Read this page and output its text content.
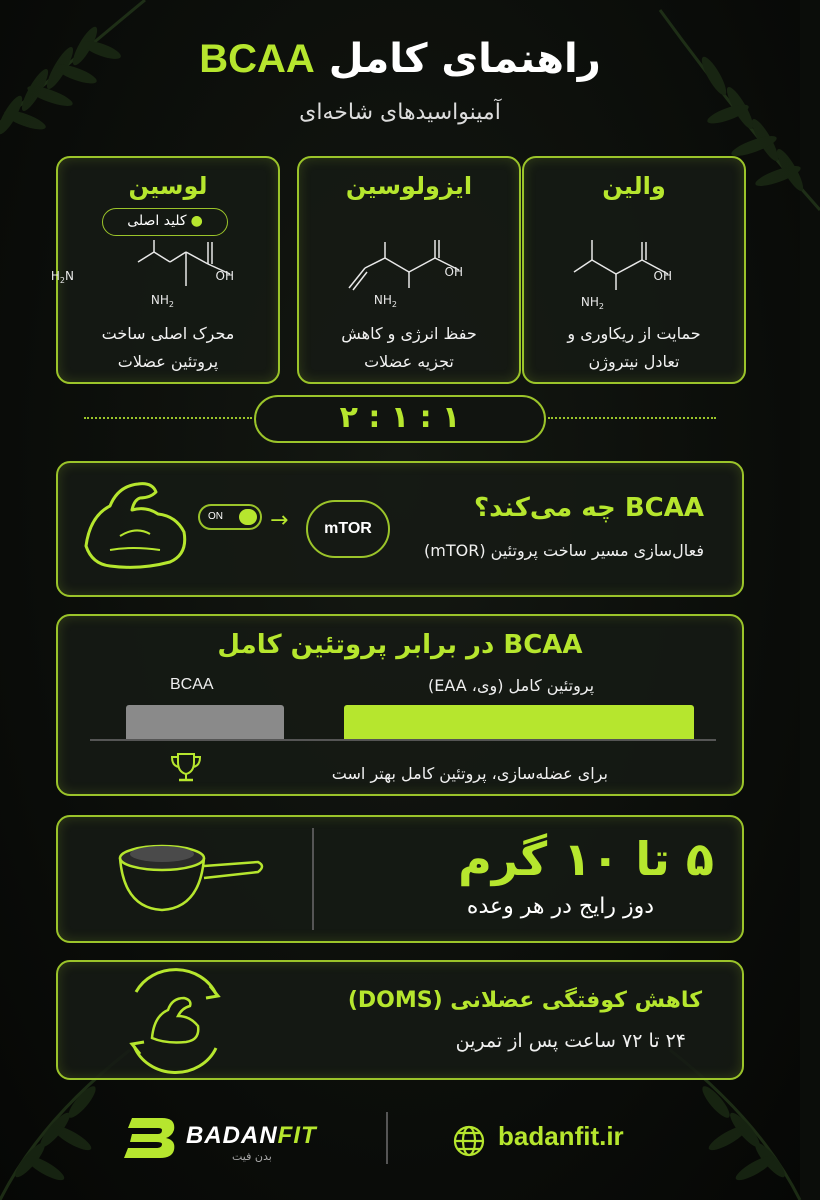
راهنمای کامل BCAA
آمینواسیدهای شاخه‌ای
والین
OH
$NH_2$
حمایت از ریکاوری و
تعادل نیتروژن
ایزولوسین
OH
$NH_2$
حفظ انرژی و کاهش
تجزیه عضلات
لوسین
●کلید اصلی
OH
$H_2N$
$NH_2$
محرک اصلی ساخت
پروتئین عضلات
۲ : ۱ : ۱
BCAA چه می‌کند؟
فعال‌سازی مسیر ساخت پروتئین (mTOR)
ON	→	mTOR
BCAA در برابر پروتئین کامل
برای عضله‌سازی، پروتئین کامل بهتر است
پروتئین کامل (وی، EAA)
BCAA
۵ تا ۱۰ گرم
دوز رایج در هر وعده
کاهش کوفتگی عضلانی (DOMS)
۲۴ تا ۷۲ ساعت پس از تمرین
BADANFIT
بدن فیت
badanfit.ir
